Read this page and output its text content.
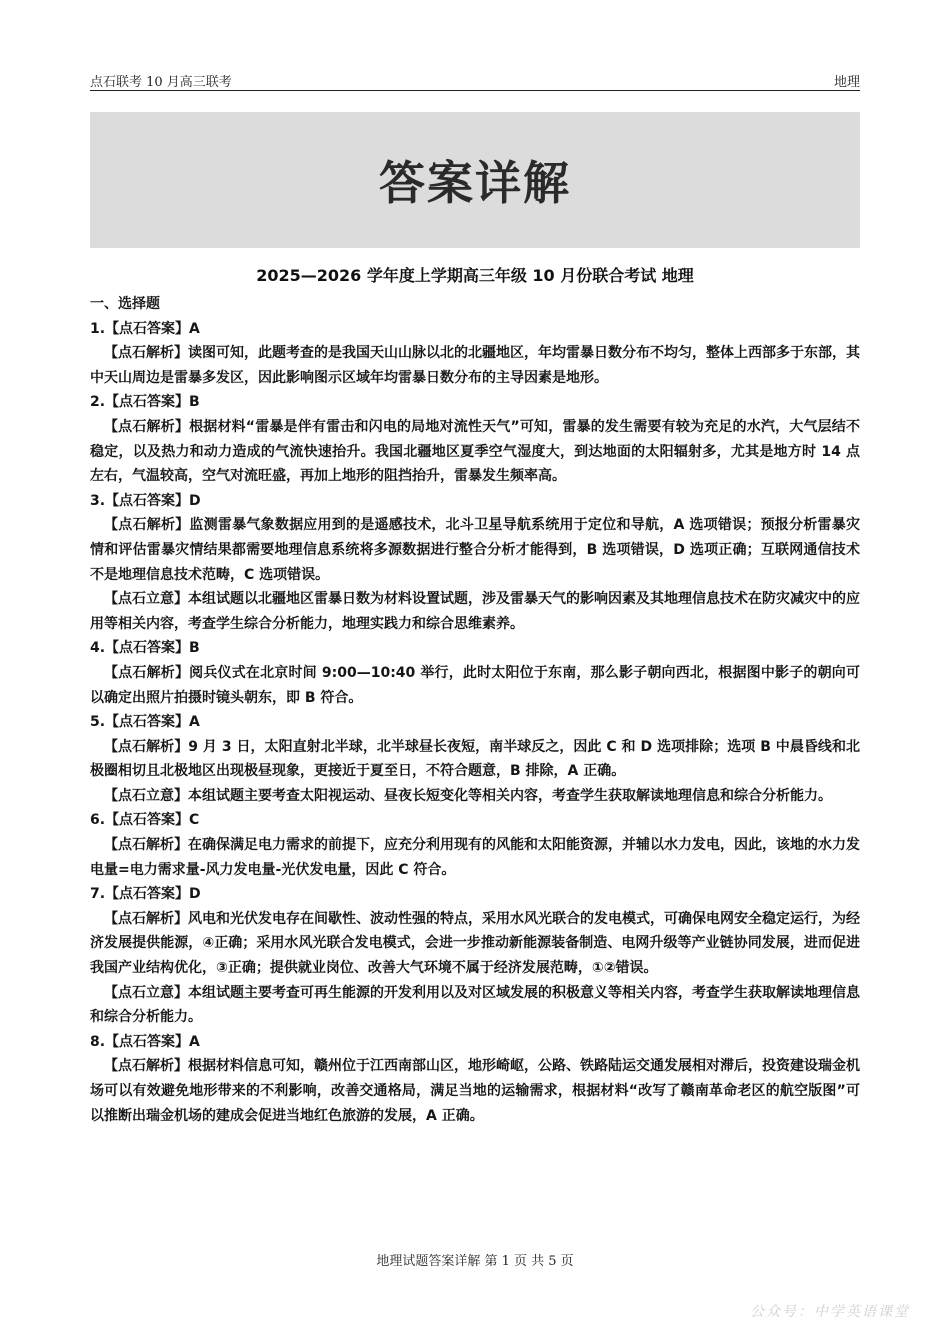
点石联考 10 月高三联考	地理
答案详解
2025—2026 学年度上学期高三年级 10 月份联合考试 地理

一、选择题

1.【点石答案】A

【点石解析】读图可知，此题考查的是我国天山山脉以北的北疆地区，年均雷暴日数分布不均匀，整体上西部多于东部，其中天山周边是雷暴多发区，因此影响图示区域年均雷暴日数分布的主导因素是地形。

2.【点石答案】B

【点石解析】根据材料“雷暴是伴有雷击和闪电的局地对流性天气”可知，雷暴的发生需要有较为充足的水汽，大气层结不稳定，以及热力和动力造成的气流快速抬升。我国北疆地区夏季空气湿度大，到达地面的太阳辐射多，尤其是地方时 14 点左右，气温较高，空气对流旺盛，再加上地形的阻挡抬升，雷暴发生频率高。

3.【点石答案】D

【点石解析】监测雷暴气象数据应用到的是遥感技术，北斗卫星导航系统用于定位和导航，A 选项错误；预报分析雷暴灾情和评估雷暴灾情结果都需要地理信息系统将多源数据进行整合分析才能得到，B 选项错误，D 选项正确；互联网通信技术不是地理信息技术范畴，C 选项错误。

【点石立意】本组试题以北疆地区雷暴日数为材料设置试题，涉及雷暴天气的影响因素及其地理信息技术在防灾减灾中的应用等相关内容，考查学生综合分析能力，地理实践力和综合思维素养。

4.【点石答案】B

【点石解析】阅兵仪式在北京时间 9:00—10:40 举行，此时太阳位于东南，那么影子朝向西北，根据图中影子的朝向可以确定出照片拍摄时镜头朝东，即 B 符合。

5.【点石答案】A

【点石解析】9 月 3 日，太阳直射北半球，北半球昼长夜短，南半球反之，因此 C 和 D 选项排除；选项 B 中晨昏线和北极圈相切且北极地区出现极昼现象，更接近于夏至日，不符合题意，B 排除，A 正确。

【点石立意】本组试题主要考查太阳视运动、昼夜长短变化等相关内容，考查学生获取解读地理信息和综合分析能力。

6.【点石答案】C

【点石解析】在确保满足电力需求的前提下，应充分利用现有的风能和太阳能资源，并辅以水力发电，因此，该地的水力发电量=电力需求量-风力发电量-光伏发电量，因此 C 符合。

7.【点石答案】D

【点石解析】风电和光伏发电存在间歇性、波动性强的特点，采用水风光联合的发电模式，可确保电网安全稳定运行，为经济发展提供能源，④正确；采用水风光联合发电模式，会进一步推动新能源装备制造、电网升级等产业链协同发展，进而促进我国产业结构优化，③正确；提供就业岗位、改善大气环境不属于经济发展范畴，①②错误。

【点石立意】本组试题主要考查可再生能源的开发利用以及对区域发展的积极意义等相关内容，考查学生获取解读地理信息和综合分析能力。

8.【点石答案】A

【点石解析】根据材料信息可知，赣州位于江西南部山区，地形崎岖，公路、铁路陆运交通发展相对滞后，投资建设瑞金机场可以有效避免地形带来的不利影响，改善交通格局，满足当地的运输需求，根据材料“改写了赣南革命老区的航空版图”可以推断出瑞金机场的建成会促进当地红色旅游的发展，A 正确。

地理试题答案详解 第 1 页 共 5 页
公众号：中学英语课堂
